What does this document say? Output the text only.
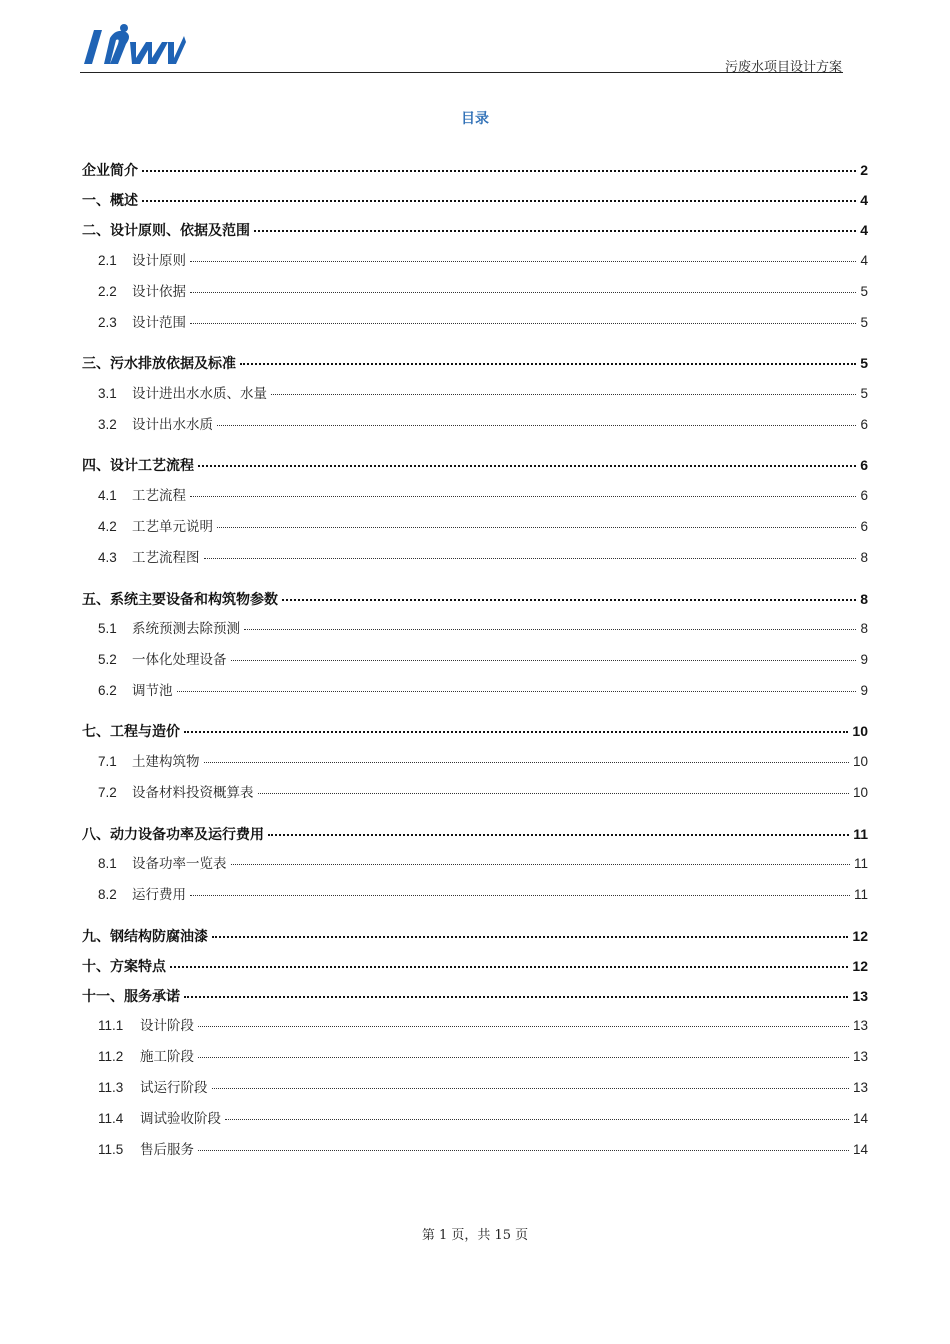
污废水项目设计方案
目录
企业简介	2
一、概述	4
二、设计原则、依据及范围	4
2.1	设计原则	4
2.2	设计依据	5
2.3	设计范围	5
三、污水排放依据及标准	5
3.1	设计进出水水质、水量	5
3.2	设计出水水质	6
四、设计工艺流程	6
4.1	工艺流程	6
4.2	工艺单元说明	6
4.3	工艺流程图	8
五、系统主要设备和构筑物参数	8
5.1	系统预测去除预测	8
5.2	一体化处理设备	9
6.2	调节池	9
七、工程与造价	10
7.1	土建构筑物	10
7.2	设备材料投资概算表	10
八、动力设备功率及运行费用	11
8.1	设备功率一览表	11
8.2	运行费用	11
九、钢结构防腐油漆	12
十、方案特点	12
十一、服务承诺	13
11.1	设计阶段	13
11.2	施工阶段	13
11.3	试运行阶段	13
11.4	调试验收阶段	14
11.5	售后服务	14
第 1 页，共 15 页
